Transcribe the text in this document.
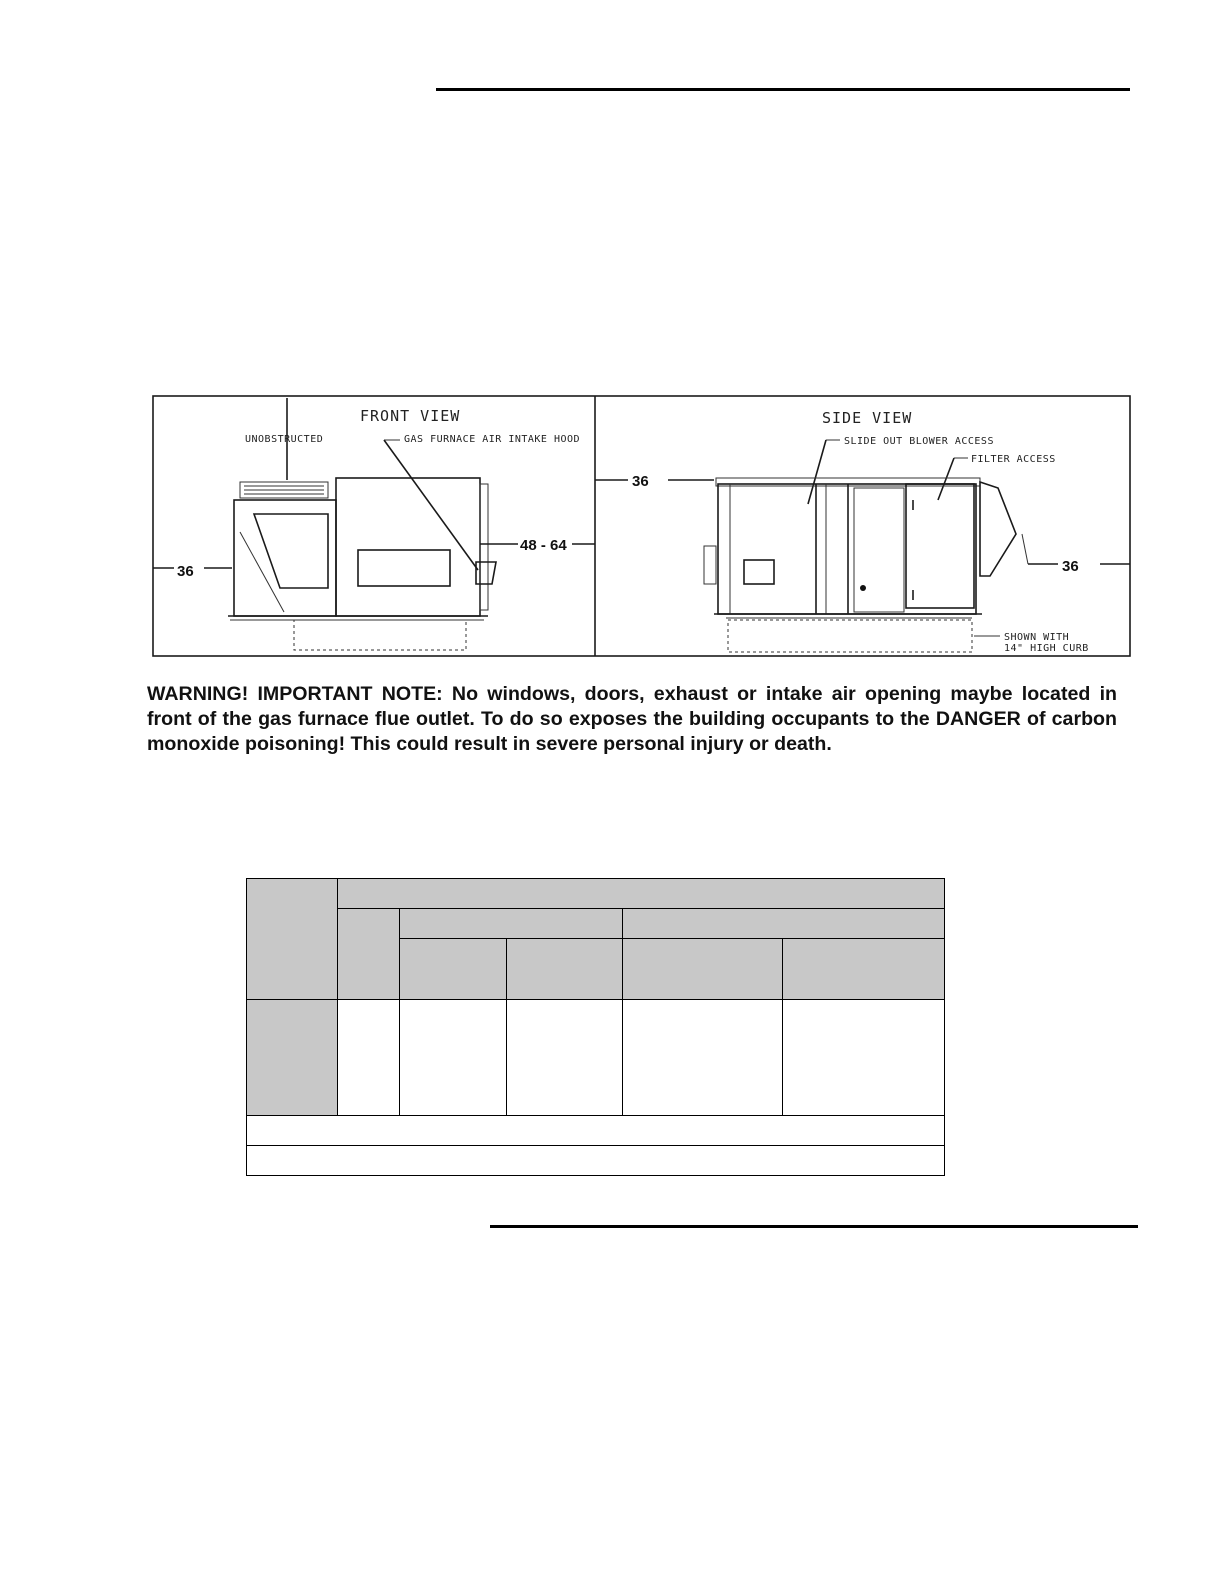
FRONT VIEW
UNOBSTRUCTED	GAS FURNACE AIR INTAKE HOOD
36
48 - 64
SIDE VIEW
SLIDE OUT BLOWER ACCESS
FILTER ACCESS
36
SHOWN WITH
14" HIGH CURB
36

WARNING! IMPORTANT NOTE: No windows, doors, exhaust or intake air opening maybe located in front of the gas furnace flue outlet. To do so exposes the building occupants to the DANGER of carbon monoxide poisoning! This could result in severe personal injury or death.
